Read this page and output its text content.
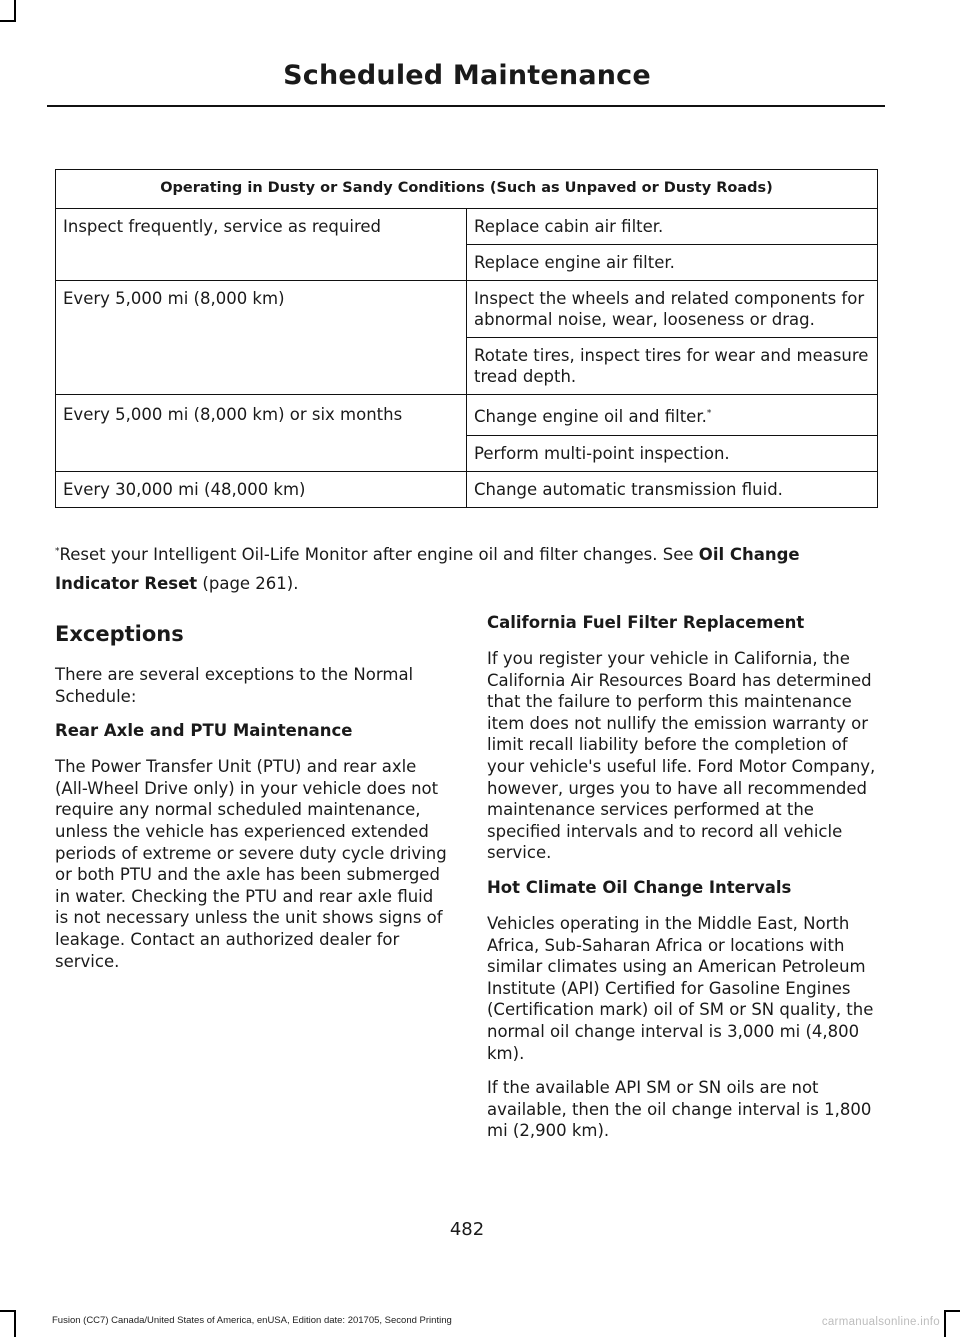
Scheduled Maintenance
Operating in Dusty or Sandy Conditions (Such as Unpaved or Dusty Roads)	
Inspect frequently, service as required	Replace cabin air filter.
	Replace engine air filter.
Every 5,000 mi (8,000 km)	Inspect the wheels and related components for abnormal noise, wear, looseness or drag.
	Rotate tires, inspect tires for wear and measure tread depth.
Every 5,000 mi (8,000 km) or six months	Change engine oil and filter.*
	Perform multi-point inspection.
Every 30,000 mi (48,000 km)	Change automatic transmission fluid.
*Reset your Intelligent Oil-Life Monitor after engine oil and filter changes. See Oil Change Indicator Reset (page 261).
Exceptions

There are several exceptions to the Normal Schedule:

Rear Axle and PTU Maintenance

The Power Transfer Unit (PTU) and rear axle (All-Wheel Drive only) in your vehicle does not require any normal scheduled maintenance, unless the vehicle has experienced extended periods of extreme or severe duty cycle driving or both PTU and the axle has been submerged in water. Checking the PTU and rear axle fluid is not necessary unless the unit shows signs of leakage. Contact an authorized dealer for service.

California Fuel Filter Replacement

If you register your vehicle in California, the California Air Resources Board has determined that the failure to perform this maintenance item does not nullify the emission warranty or limit recall liability before the completion of your vehicle's useful life. Ford Motor Company, however, urges you to have all recommended maintenance services performed at the specified intervals and to record all vehicle service.

Hot Climate Oil Change Intervals

Vehicles operating in the Middle East, North Africa, Sub-Saharan Africa or locations with similar climates using an American Petroleum Institute (API) Certified for Gasoline Engines (Certification mark) oil of SM or SN quality, the normal oil change interval is 3,000 mi (4,800 km).

If the available API SM or SN oils are not available, then the oil change interval is 1,800 mi (2,900 km).

482
Fusion (CC7) Canada/United States of America, enUSA, Edition date: 201705, Second Printing	carmanualsonline.info
